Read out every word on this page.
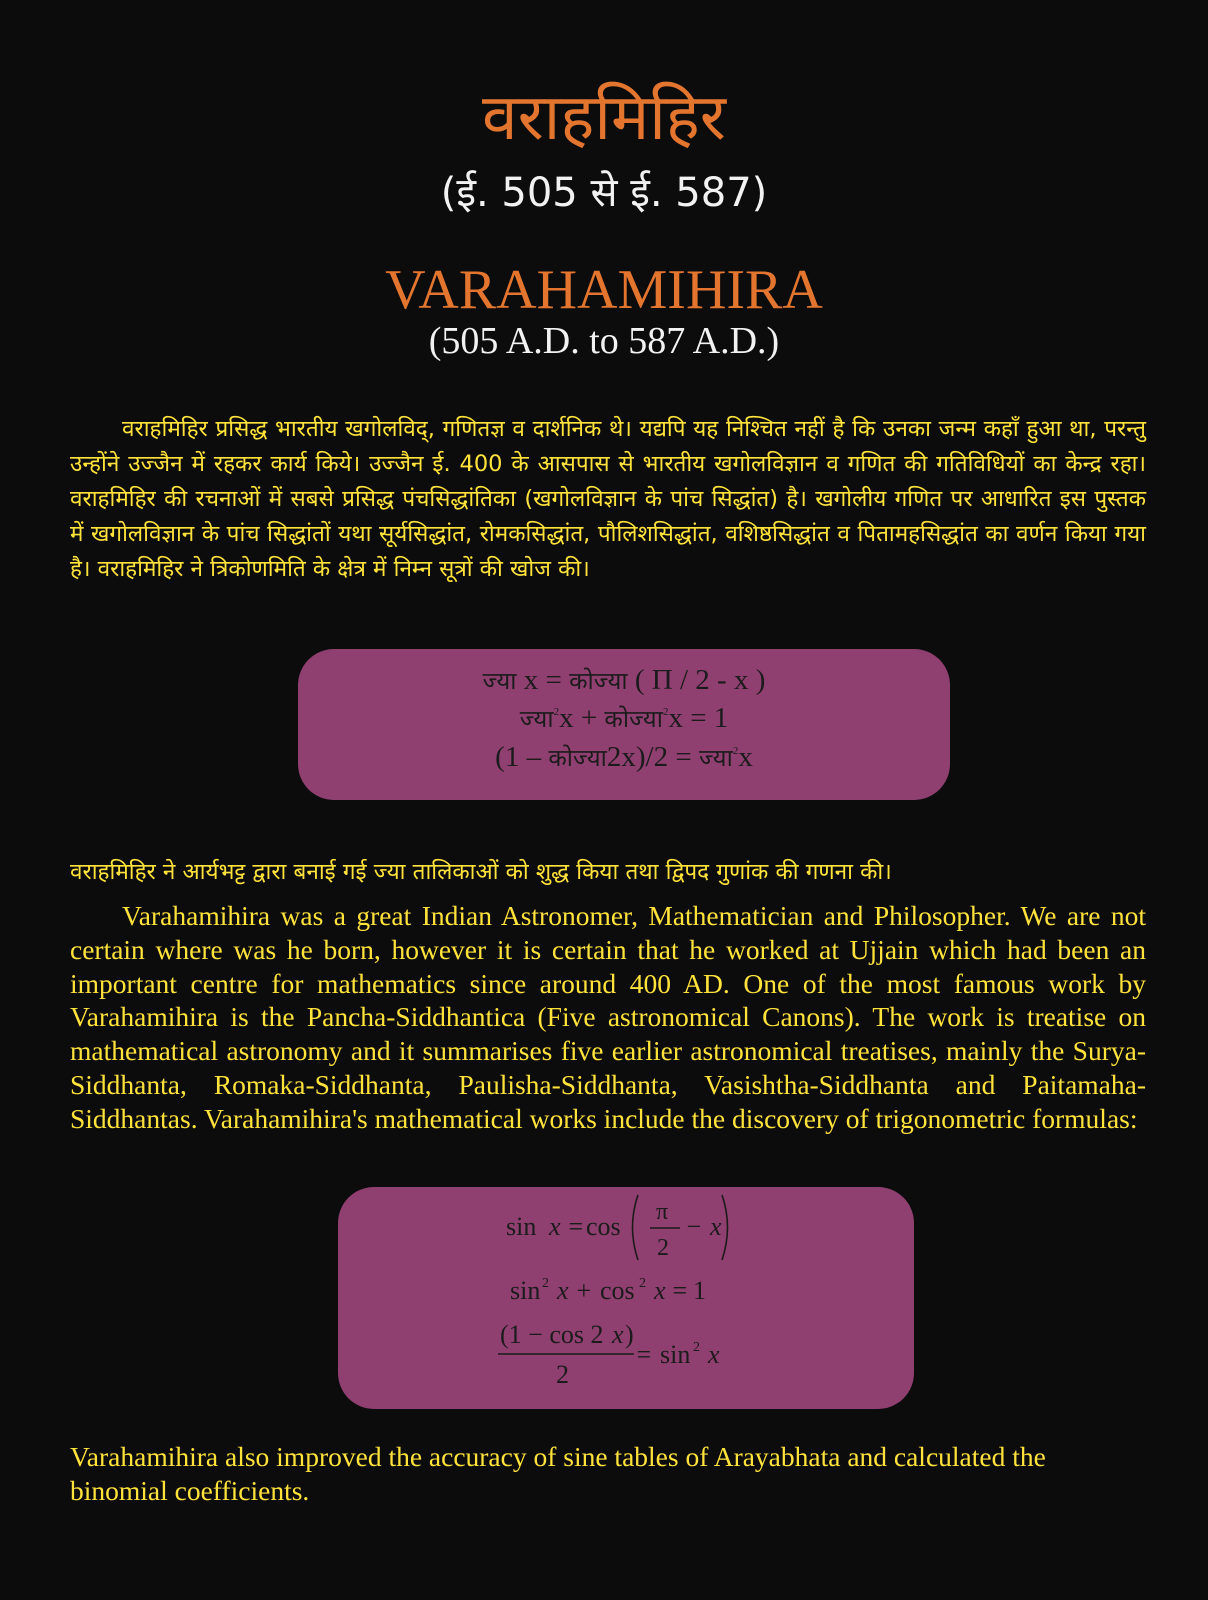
वराहमिहिर
(ई. 505 से ई. 587)
VARAHAMIHIRA
(505 A.D. to 587 A.D.)

वराहमिहिर प्रसिद्ध भारतीय खगोलविद्, गणितज्ञ व दार्शनिक थे। यद्यपि यह निश्चित नहीं है कि उनका जन्म कहाँ हुआ था, परन्तु उन्होंने उज्जैन में रहकर कार्य किये। उज्जैन ई. 400 के आसपास से भारतीय खगोलविज्ञान व गणित की गतिविधियों का केन्द्र रहा। वराहमिहिर की रचनाओं में सबसे प्रसिद्ध पंचसिद्धांतिका (खगोलविज्ञान के पांच सिद्धांत) है। खगोलीय गणित पर आधारित इस पुस्तक में खगोलविज्ञान के पांच सिद्धांतों यथा सूर्यसिद्धांत, रोमकसिद्धांत, पौलिशसिद्धांत, वशिष्ठसिद्धांत व पितामहसिद्धांत का वर्णन किया गया है। वराहमिहिर ने त्रिकोणमिति के क्षेत्र में निम्न सूत्रों की खोज की।

ज्या x = कोज्या ( Π / 2 - x )
ज्या$^2$x + कोज्या$^2$x = 1
(1 – कोज्या2x)/2 = ज्या$^2$x

वराहमिहिर ने आर्यभट्ट द्वारा बनाई गई ज्या तालिकाओं को शुद्ध किया तथा द्विपद गुणांक की गणना की।

Varahamihira was a great Indian Astronomer, Mathematician and Philosopher. We are not certain where was he born, however it is certain that he worked at Ujjain which had been an important centre for mathematics since around 400 AD. One of the most famous work by Varahamihira is the Pancha-Siddhantica (Five astronomical Canons). The work is treatise on mathematical astronomy and it summarises five earlier astronomical treatises, mainly the Surya-Siddhanta, Romaka-Siddhanta, Paulisha-Siddhanta, Vasishtha-Siddhanta and Paitamaha-Siddhantas. Varahamihira's mathematical works include the discovery of trigonometric formulas:

sin x =
cos π
2
− x
sin 2 x + cos 2 x = 1
(1 − cos 2 x )
2
= sin 2 x

Varahamihira also improved the accuracy of sine tables of Arayabhata and calculated the binomial coefficients.
